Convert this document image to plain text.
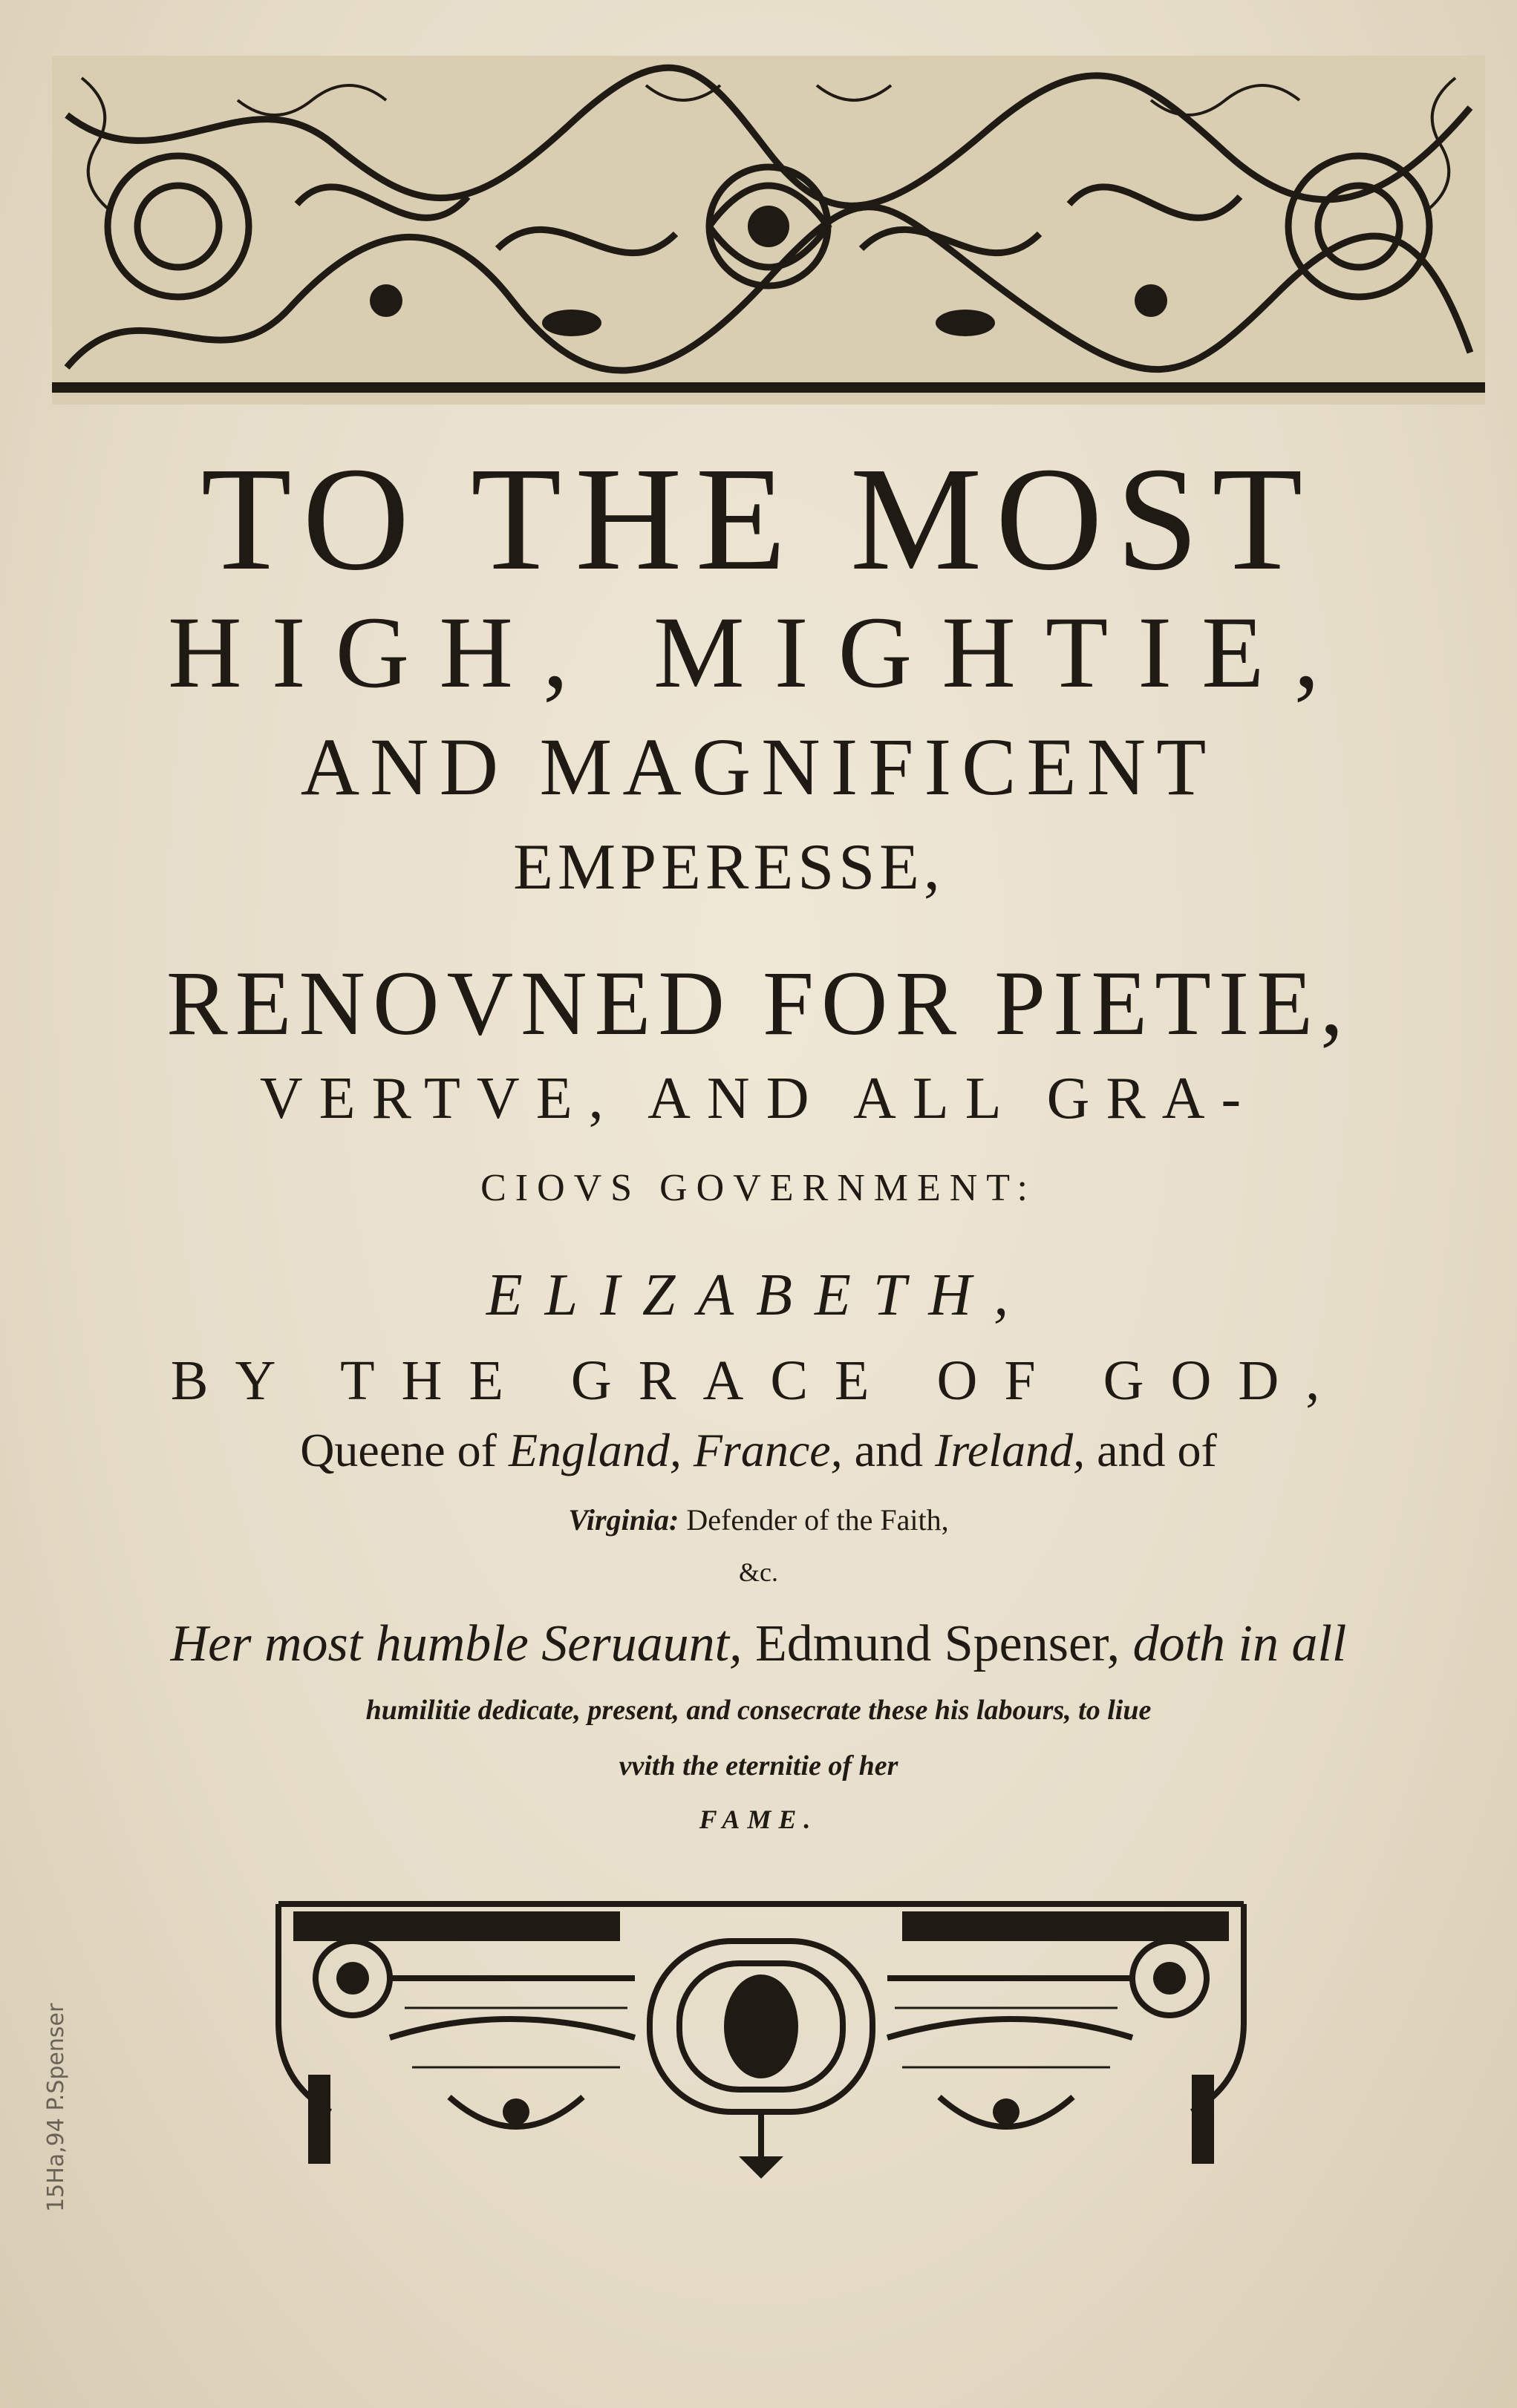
TO THE MOST
HIGH, MIGHTIE,
AND MAGNIFICENT
EMPERESSE,
RENOVNED FOR PIETIE,
VERTVE, AND ALL GRA-
CIOVS GOVERNMENT:
ELIZABETH,
BY THE GRACE OF GOD,
Queene of England, France, and Ireland, and of
Virginia: Defender of the Faith,
&c.
Her most humble Seruaunt, Edmund Spenser, doth in all
humilitie dedicate, present, and consecrate these his labours, to liue
vvith the eternitie of her
FAME.
15Ha,94 P.Spenser
